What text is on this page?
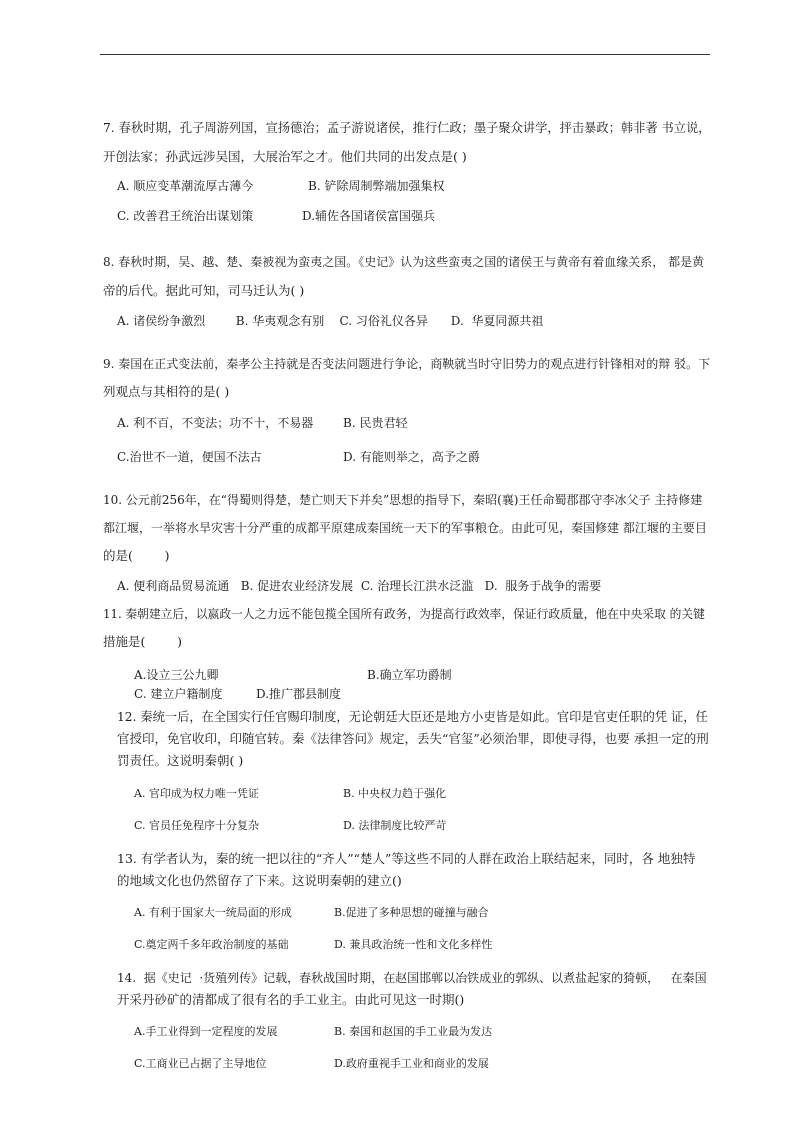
7. 春秋时期，孔子周游列国，宣扬德治；孟子游说诸侯，推行仁政；墨子聚众讲学，抨击暴政；韩非著 书立说，
开创法家；孙武远涉吴国，大展治军之才。他们共同的出发点是( )
A. 顺应变革潮流厚古薄今	B. 铲除周制弊端加强集权
C. 改善君王统治出谋划策	D.辅佐各国诸侯富国强兵
8. 春秋时期，吴、越、楚、秦被视为蛮夷之国。《史记》认为这些蛮夷之国的诸侯王与黄帝有着血缘关系， 都是黄
帝的后代。据此可知，司马迁认为( )
A. 诸侯纷争激烈        B. 华夷观念有别    C. 习俗礼仪各异      D.  华夏同源共祖
9. 秦国在正式变法前，秦孝公主持就是否变法问题进行争论，商鞅就当时守旧势力的观点进行针锋相对的辩 驳。下
列观点与其相符的是( )
A. 利不百，不变法；功不十，不易器 B. 民贵君轻
C.治世不一道，便国不法古	D. 有能则举之，高予之爵
10. 公元前256年，在“得蜀则得楚，楚亡则天下并矣”思想的指导下，秦昭(襄)王任命蜀郡郡守李冰父子 主持修建
都江堰，一举将水旱灾害十分严重的成都平原建成秦国统一天下的军事粮仓。由此可见，秦国修建 都江堰的主要目
的是(        )
A. 便利商品贸易流通   B. 促进农业经济发展  C. 治理长江洪水泛滥   D.  服务于战争的需要
11. 秦朝建立后，以嬴政一人之力远不能包揽全国所有政务，为提高行政效率，保证行政质量，他在中央采取 的关键
措施是(        )
A.设立三公九卿	B.确立军功爵制
C. 建立户籍制度	D.推广郡县制度
12. 秦统一后，在全国实行任官赐印制度，无论朝廷大臣还是地方小吏皆是如此。官印是官吏任职的凭 证，任
官授印，免官收印，印随官转。秦《法律答问》规定，丢失“官玺”必须治罪，即使寻得，也要 承担一定的刑
罚责任。这说明秦朝( )
A. 官印成为权力唯一凭证	B. 中央权力趋于强化
C. 官员任免程序十分复杂	D. 法律制度比较严苛
13. 有学者认为，秦的统一把以往的“齐人”“楚人”等这些不同的人群在政治上联结起来，同时，各 地独特
的地域文化也仍然留存了下来。这说明秦朝的建立()
A. 有利于国家大一统局面的形成	B.促进了多种思想的碰撞与融合
C.奠定两千多年政治制度的基础	D. 兼具政治统一性和文化多样性
14.  据《史记  ·货殖列传》记载，春秋战国时期，在赵国邯郸以冶铁成业的郭纵、以煮盐起家的猗顿，   在秦国
开采丹砂矿的清都成了很有名的手工业主。由此可见这一时期()
A.手工业得到一定程度的发展	B. 秦国和赵国的手工业最为发达
C.工商业已占据了主导地位	D.政府重视手工业和商业的发展
